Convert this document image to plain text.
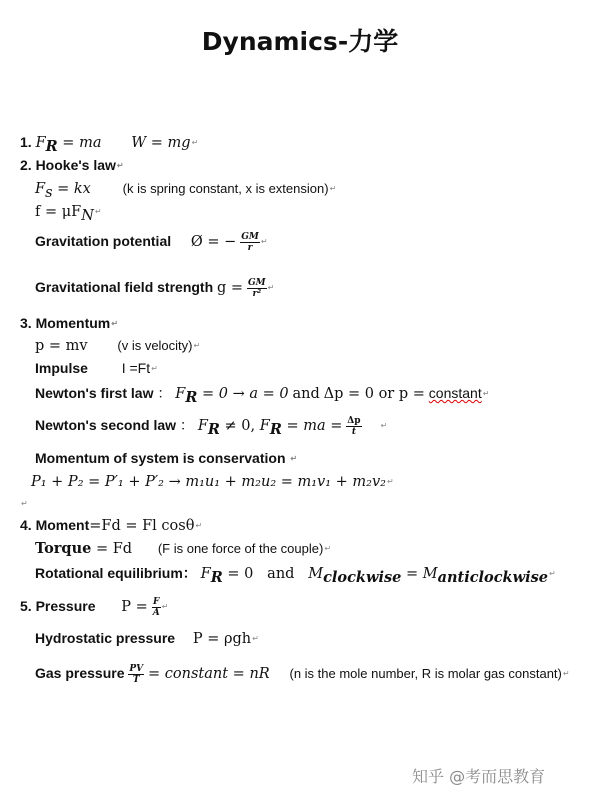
Dynamics-力学
1. $F_R$ = ma W = mg↵
2. Hooke's law↵
$F_s$ = kx (k is spring constant, x is extension)↵
$f = \mu F_N↵$
Gravitation potential Ø = − $\frac{GM}{r}$ ↵
Gravitational field strength $g = \frac{GM}{\text{r²}}$ ↵
3. Momentum↵
p = mv (v is velocity)↵
Impulse I =Ft↵
Newton's first law ： $F_R = 0 \to a = 0$ and Δp = 0 or p = constant↵
Newton's second law ： $F_R \ne 0$, $F_R$ = ma = $\frac{\Delta p}{t}$ ↵
Momentum of system is conservation ↵
P₁ + P₂ = P′₁ + P′₂ → m₁u₁ + m₂u₂ = m₁v₁ + m₂v₂↵
↵
4. Moment=Fd = Fl cosθ↵
Torque = Fd (F is one force of the couple)↵
Rotational equilibrium： $F_R = 0$ and $M_{clockwise}$ = $M_{anticlockwise}↵$
5. Pressure $P = \frac{F}{A}$ ↵
Hydrostatic pressure P = ρgh↵
Gas pressure $\frac{PV}{T}$ = constant = nR (n is the mole number, R is molar gas constant)↵
知乎 @考而思教育
